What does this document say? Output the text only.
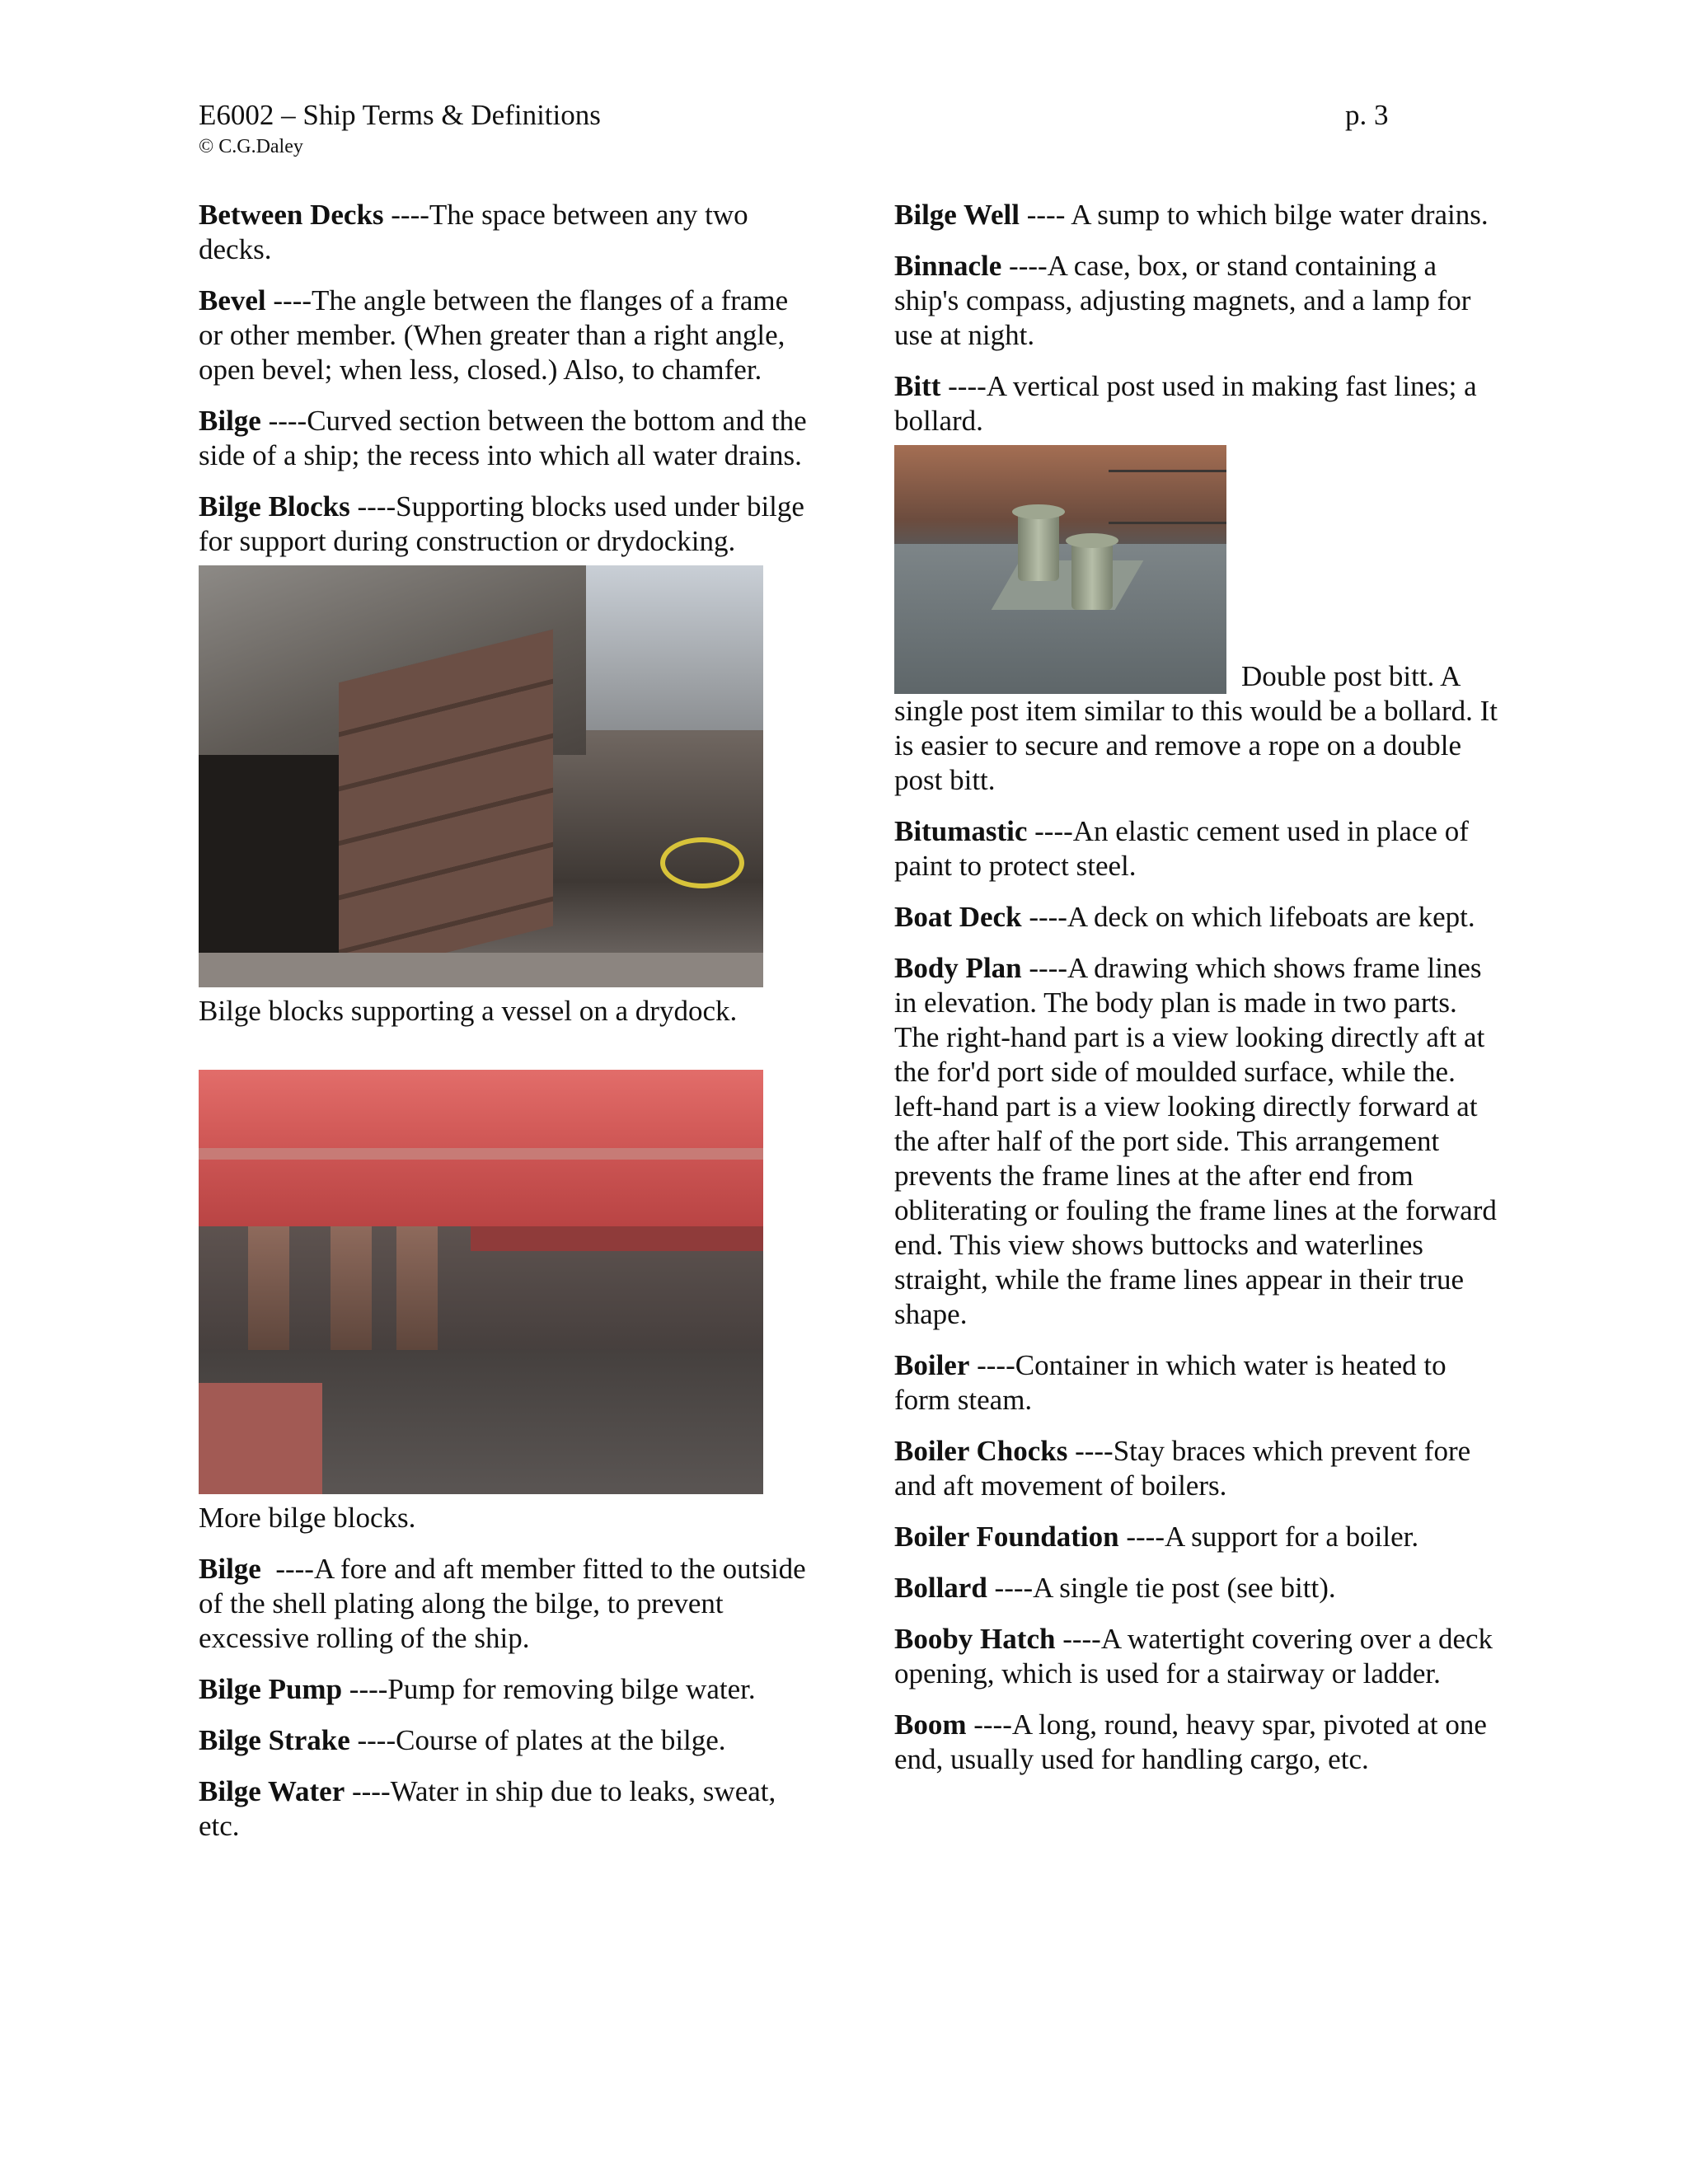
E6002 – Ship Terms & Definitions	p. 3
© C.G.Daley

Between Decks ----The space between any two decks.

Bevel ----The angle between the flanges of a frame or other member. (When greater than a right angle, open bevel; when less, closed.) Also, to chamfer.

Bilge ----Curved section between the bottom and the side of a ship; the recess into which all water drains.

Bilge Blocks ----Supporting blocks used under bilge for support during construction or drydocking.

Bilge blocks supporting a vessel on a drydock.

More bilge blocks.

Bilge  ----A fore and aft member fitted to the outside of the shell plating along the bilge, to prevent excessive rolling of the ship.

Bilge Pump ----Pump for removing bilge water.

Bilge Strake ----Course of plates at the bilge.

Bilge Water ----Water in ship due to leaks, sweat, etc.

Bilge Well ---- A sump to which bilge water drains.

Binnacle ----A case, box, or stand containing a ship's compass, adjusting magnets, and a lamp for use at night.

Bitt ----A vertical post used in making fast lines; a bollard.

Double post bitt. A single post item similar to this would be a bollard. It is easier to secure and remove a rope on a double post bitt.

Bitumastic ----An elastic cement used in place of paint to protect steel.

Boat Deck ----A deck on which lifeboats are kept.

Body Plan ----A drawing which shows frame lines in elevation. The body plan is made in two parts. The right-hand part is a view looking directly aft at the for'd port side of moulded surface, while the. left-hand part is a view looking directly forward at the after half of the port side. This arrangement prevents the frame lines at the after end from obliterating or fouling the frame lines at the forward end. This view shows buttocks and waterlines straight, while the frame lines appear in their true shape.

Boiler ----Container in which water is heated to form steam.

Boiler Chocks ----Stay braces which prevent fore and aft movement of boilers.

Boiler Foundation ----A support for a boiler.

Bollard ----A single tie post (see bitt).

Booby Hatch ----A watertight covering over a deck opening, which is used for a stairway or ladder.

Boom ----A long, round, heavy spar, pivoted at one end, usually used for handling cargo, etc.
